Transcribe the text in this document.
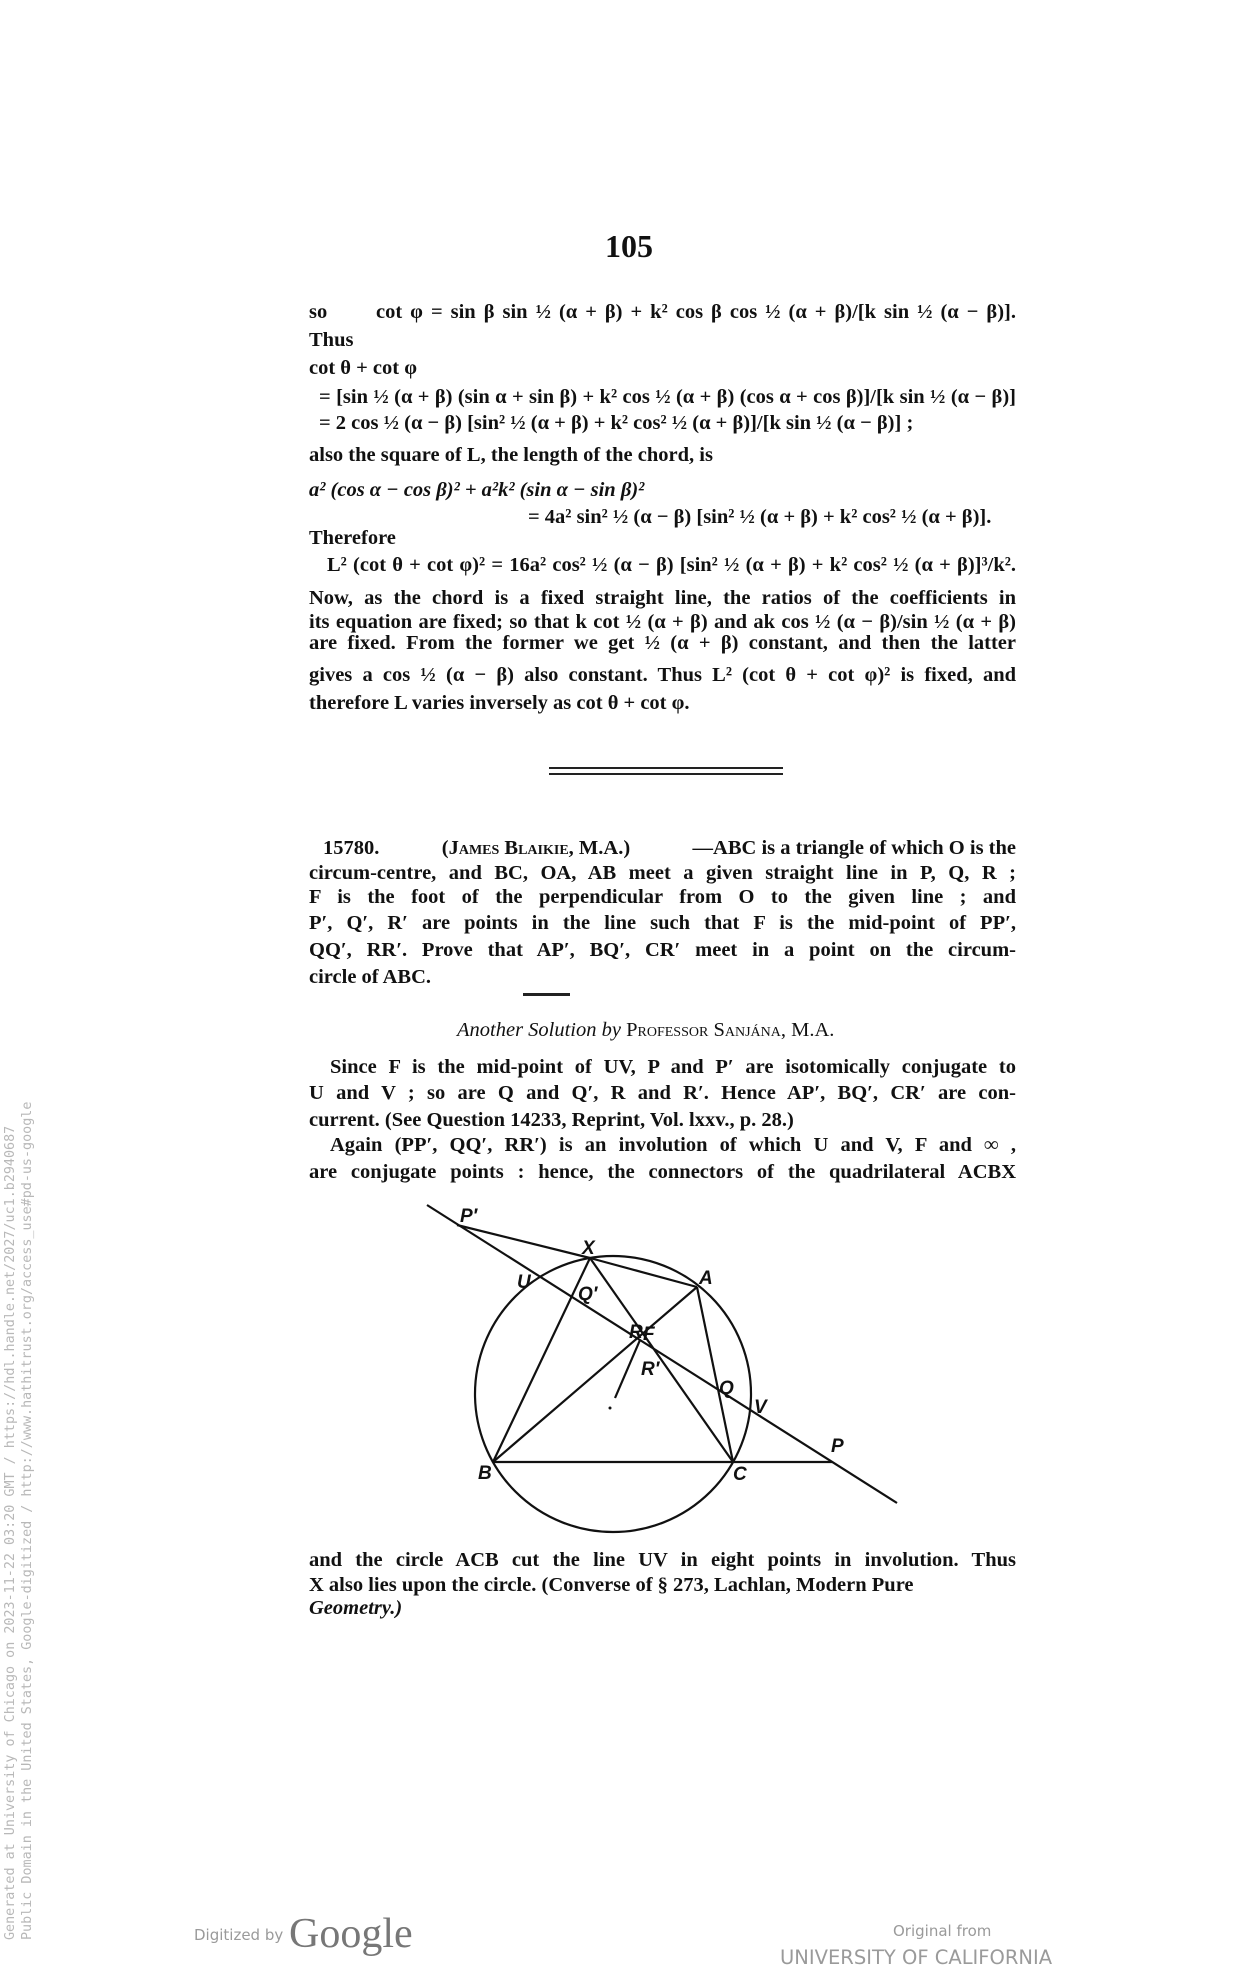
105
so cot φ = sin β sin ½ (α + β) + k² cos β cos ½ (α + β)/[k sin ½ (α − β)].
Thus
cot θ + cot φ
= [sin ½ (α + β) (sin α + sin β) + k² cos ½ (α + β) (cos α + cos β)]/[k sin ½ (α − β)]
= 2 cos ½ (α − β) [sin² ½ (α + β) + k² cos² ½ (α + β)]/[k sin ½ (α − β)] ;
also the square of L, the length of the chord, is
a² (cos α − cos β)² + a²k² (sin α − sin β)²
= 4a² sin² ½ (α − β) [sin² ½ (α + β) + k² cos² ½ (α + β)].
Therefore
L² (cot θ + cot φ)² = 16a² cos² ½ (α − β) [sin² ½ (α + β) + k² cos² ½ (α + β)]³/k².
Now, as the chord is a fixed straight line, the ratios of the coefficients in
its equation are fixed; so that k cot ½ (α + β) and ak cos ½ (α − β)/sin ½ (α + β)
are fixed. From the former we get ½ (α + β) constant, and then the latter
gives a cos ½ (α − β) also constant. Thus L² (cot θ + cot φ)² is fixed, and
therefore L varies inversely as cot θ + cot φ.
15780.	(James Blaikie, M.A.)	—ABC is a triangle of which O is the
circum-centre, and BC, OA, AB meet a given straight line in P, Q, R ;
F is the foot of the perpendicular from O to the given line ; and
P′, Q′, R′ are points in the line such that F is the mid-point of PP′,
QQ′, RR′. Prove that AP′, BQ′, CR′ meet in a point on the circum-
circle of ABC.
Another Solution by Professor Sanjána, M.A.
Since F is the mid-point of UV, P and P′ are isotomically conjugate to
U and V ; so are Q and Q′, R and R′. Hence AP′, BQ′, CR′ are con-
current. (See Question 14233, Reprint, Vol. lxxv., p. 28.)
Again (PP′, QQ′, RR′) is an involution of which U and V, F and ∞ ,
are conjugate points : hence, the connectors of the quadrilateral ACBX
P′
X
U
Q′
A
R F
R′
Q
V
B	C
P
and the circle ACB cut the line UV in eight points in involution. Thus
X also lies upon the circle. (Converse of § 273, Lachlan, Modern Pure
Geometry.)
Generated at University of Chicago on 2023-11-22 03:20 GMT / https://hdl.handle.net/2027/uc1.b2940687 Public Domain in the United States, Google-digitized / http://www.hathitrust.org/access_use#pd-us-google	Digitized by Google	Original from
UNIVERSITY OF CALIFORNIA
